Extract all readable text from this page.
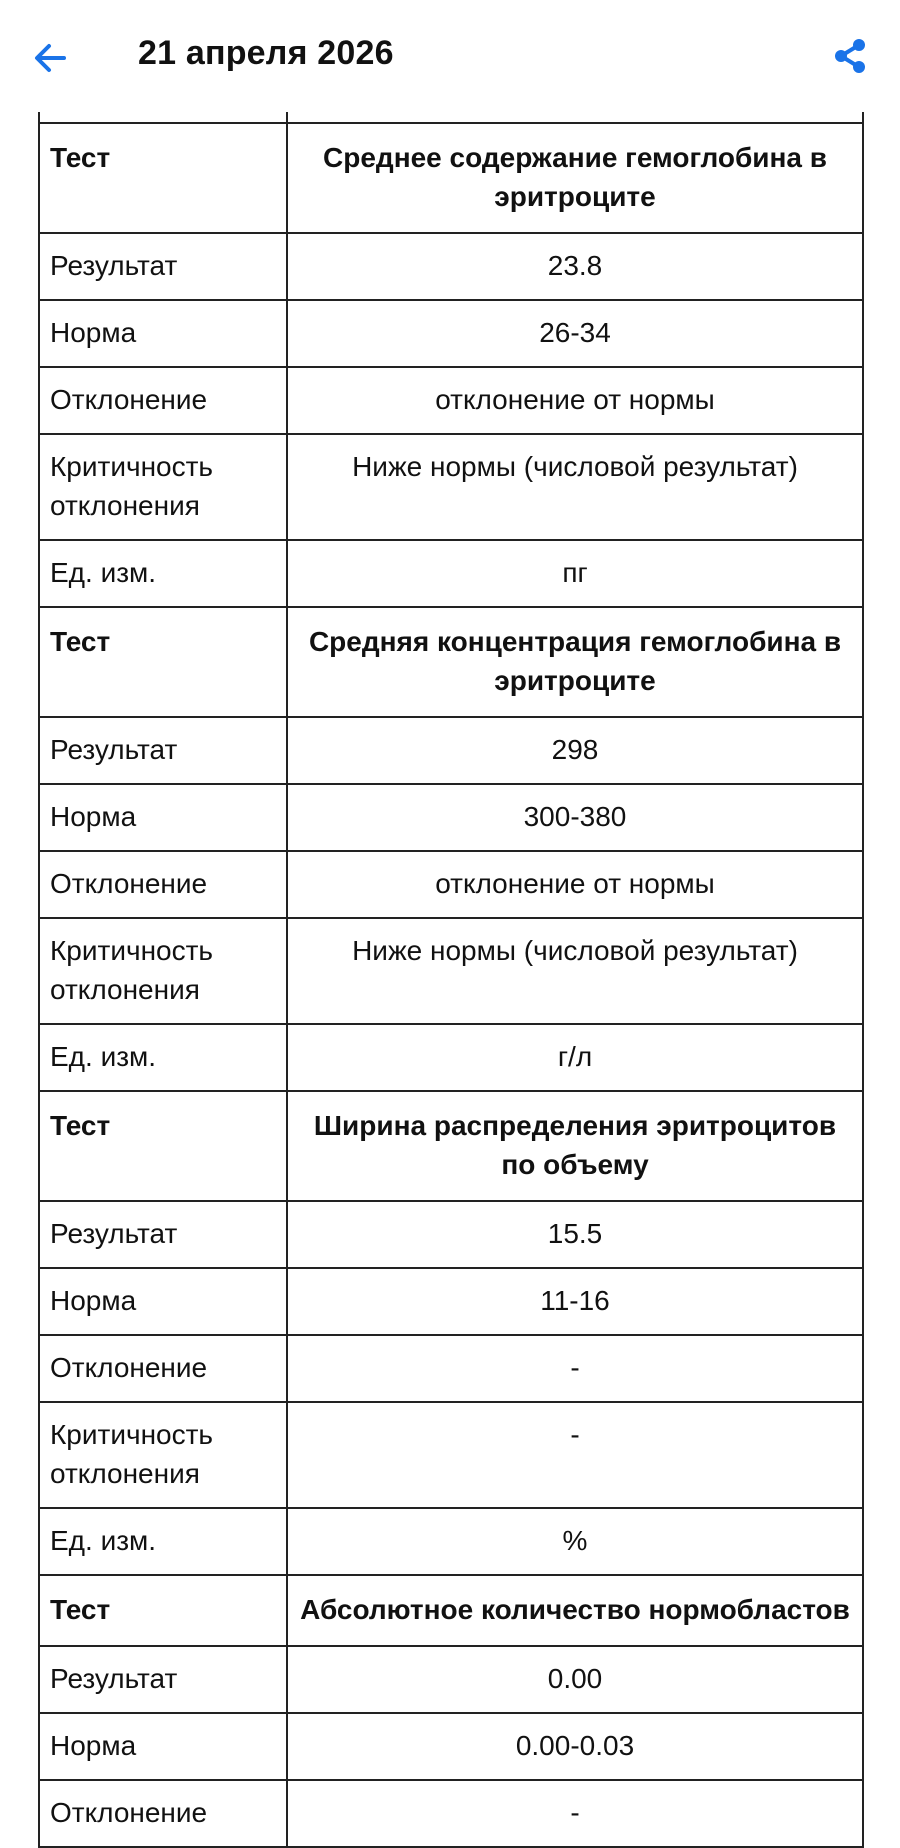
21 апреля 2026
Тест	Среднее содержание гемоглобина в эритроците
Результат	23.8
Норма	26-34
Отклонение	отклонение от нормы
Критичность отклонения	Ниже нормы (числовой результат)
Ед. изм.	пг
Тест	Средняя концентрация гемоглобина в эритроците
Результат	298
Норма	300-380
Отклонение	отклонение от нормы
Критичность отклонения	Ниже нормы (числовой результат)
Ед. изм.	г/л
Тест	Ширина распределения эритроцитов по объему
Результат	15.5
Норма	11-16
Отклонение	-
Критичность отклонения	-
Ед. изм.	%
Тест	Абсолютное количество нормобластов
Результат	0.00
Норма	0.00-0.03
Отклонение	-
